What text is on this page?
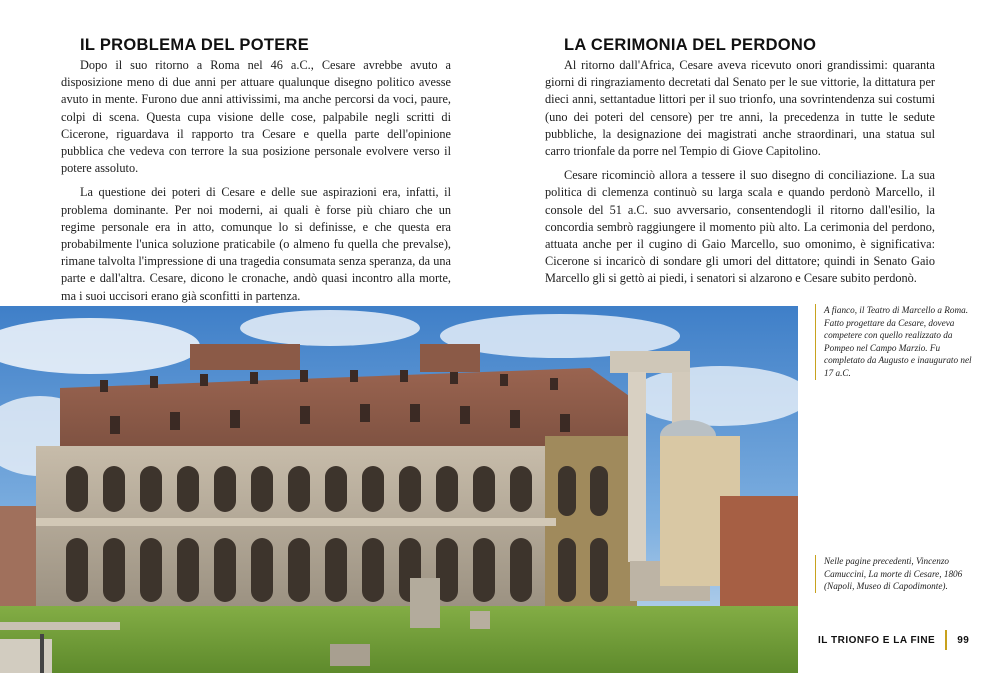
IL PROBLEMA DEL POTERE

Dopo il suo ritorno a Roma nel 46 a.C., Cesare avrebbe avuto a disposizione meno di due anni per attuare qualunque disegno politico avesse avuto in mente. Furono due anni attivissimi, ma anche percorsi da voci, paure, colpi di scena. Questa cupa visione delle cose, palpabile negli scritti di Cicerone, riguardava il rapporto tra Cesare e quella parte dell'opinione pubblica che vedeva con terrore la sua posizione personale evolvere verso il potere assoluto.

La questione dei poteri di Cesare e delle sue aspirazioni era, infatti, il problema dominante. Per noi moderni, ai quali è forse più chiaro che un regime personale era in atto, comunque lo si definisse, e che questa era probabilmente l'unica soluzione praticabile (o almeno fu quella che prevalse), rimane talvolta l'impressione di una tragedia consumata senza speranza, da una parte e dall'altra. Cesare, dicono le cronache, andò quasi incontro alla morte, ma i suoi uccisori erano già sconfitti in partenza.

LA CERIMONIA DEL PERDONO

Al ritorno dall'Africa, Cesare aveva ricevuto onori grandissimi: quaranta giorni di ringraziamento decretati dal Senato per le sue vittorie, la dittatura per dieci anni, settantadue littori per il suo trionfo, una sovrintendenza sui costumi (uno dei poteri del censore) per tre anni, la precedenza in tutte le sedute pubbliche, la designazione dei magistrati anche straordinari, una statua sul carro trionfale da porre nel Tempio di Giove Capitolino.

Cesare ricominciò allora a tessere il suo disegno di conciliazione. La sua politica di clemenza continuò su larga scala e quando perdonò Marcello, il console del 51 a.C. suo avversario, consentendogli il ritorno dall'esilio, la concordia sembrò raggiungere il momento più alto. La cerimonia del perdono, attuata anche per il cugino di Gaio Marcello, suo omonimo, è significativa: Cicerone si incaricò di sondare gli umori del dittatore; quindi in Senato Gaio Marcello gli si gettò ai piedi, i senatori si alzarono e Cesare subito perdonò.

A fianco, il Teatro di Marcello a Roma. Fatto progettare da Cesare, doveva competere con quello realizzato da Pompeo nel Campo Marzio. Fu completato da Augusto e inaugurato nel 17 a.C.
Nelle pagine precedenti, Vincenzo Camuccini, La morte di Cesare, 1806 (Napoli, Museo di Capodimonte).
IL TRIONFO E LA FINE 99
